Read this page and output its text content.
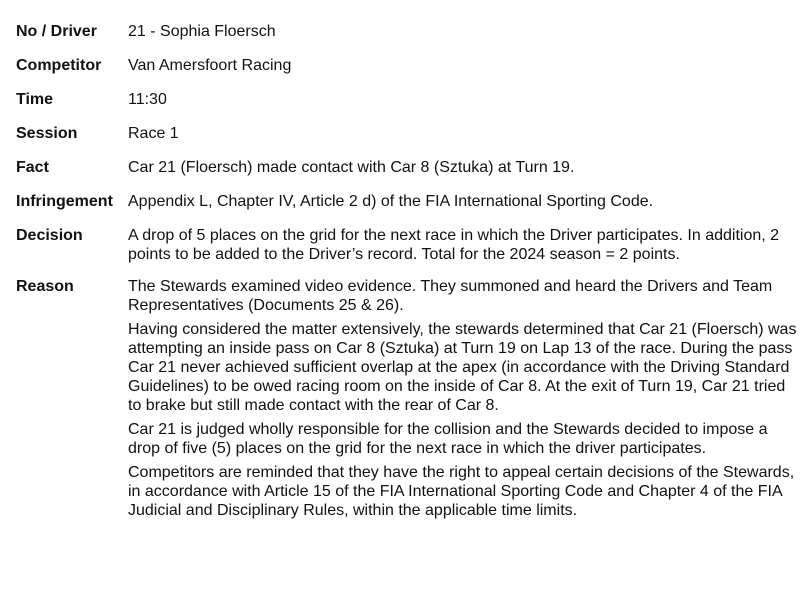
No / Driver	21 - Sophia Floersch
Competitor	Van Amersfoort Racing
Time	11:30
Session	Race 1
Fact	Car 21 (Floersch) made contact with Car 8 (Sztuka) at Turn 19.
Infringement Appendix L, Chapter IV, Article 2 d) of the FIA International Sporting Code.
Decision	A drop of 5 places on the grid for the next race in which the Driver participates. In addition, 2 points to be added to the Driver’s record. Total for the 2024 season = 2 points.
Reason	The Stewards examined video evidence. They summoned and heard the Drivers and Team Representatives (Documents 25 & 26).

Having considered the matter extensively, the stewards determined that Car 21 (Floersch) was attempting an inside pass on Car 8 (Sztuka) at Turn 19 on Lap 13 of the race. During the pass Car 21 never achieved sufficient overlap at the apex (in accordance with the Driving Standard Guidelines) to be owed racing room on the inside of Car 8. At the exit of Turn 19, Car 21 tried to brake but still made contact with the rear of Car 8.

Car 21 is judged wholly responsible for the collision and the Stewards decided to impose a drop of five (5) places on the grid for the next race in which the driver participates.

Competitors are reminded that they have the right to appeal certain decisions of the Stewards, in accordance with Article 15 of the FIA International Sporting Code and Chapter 4 of the FIA Judicial and Disciplinary Rules, within the applicable time limits.
